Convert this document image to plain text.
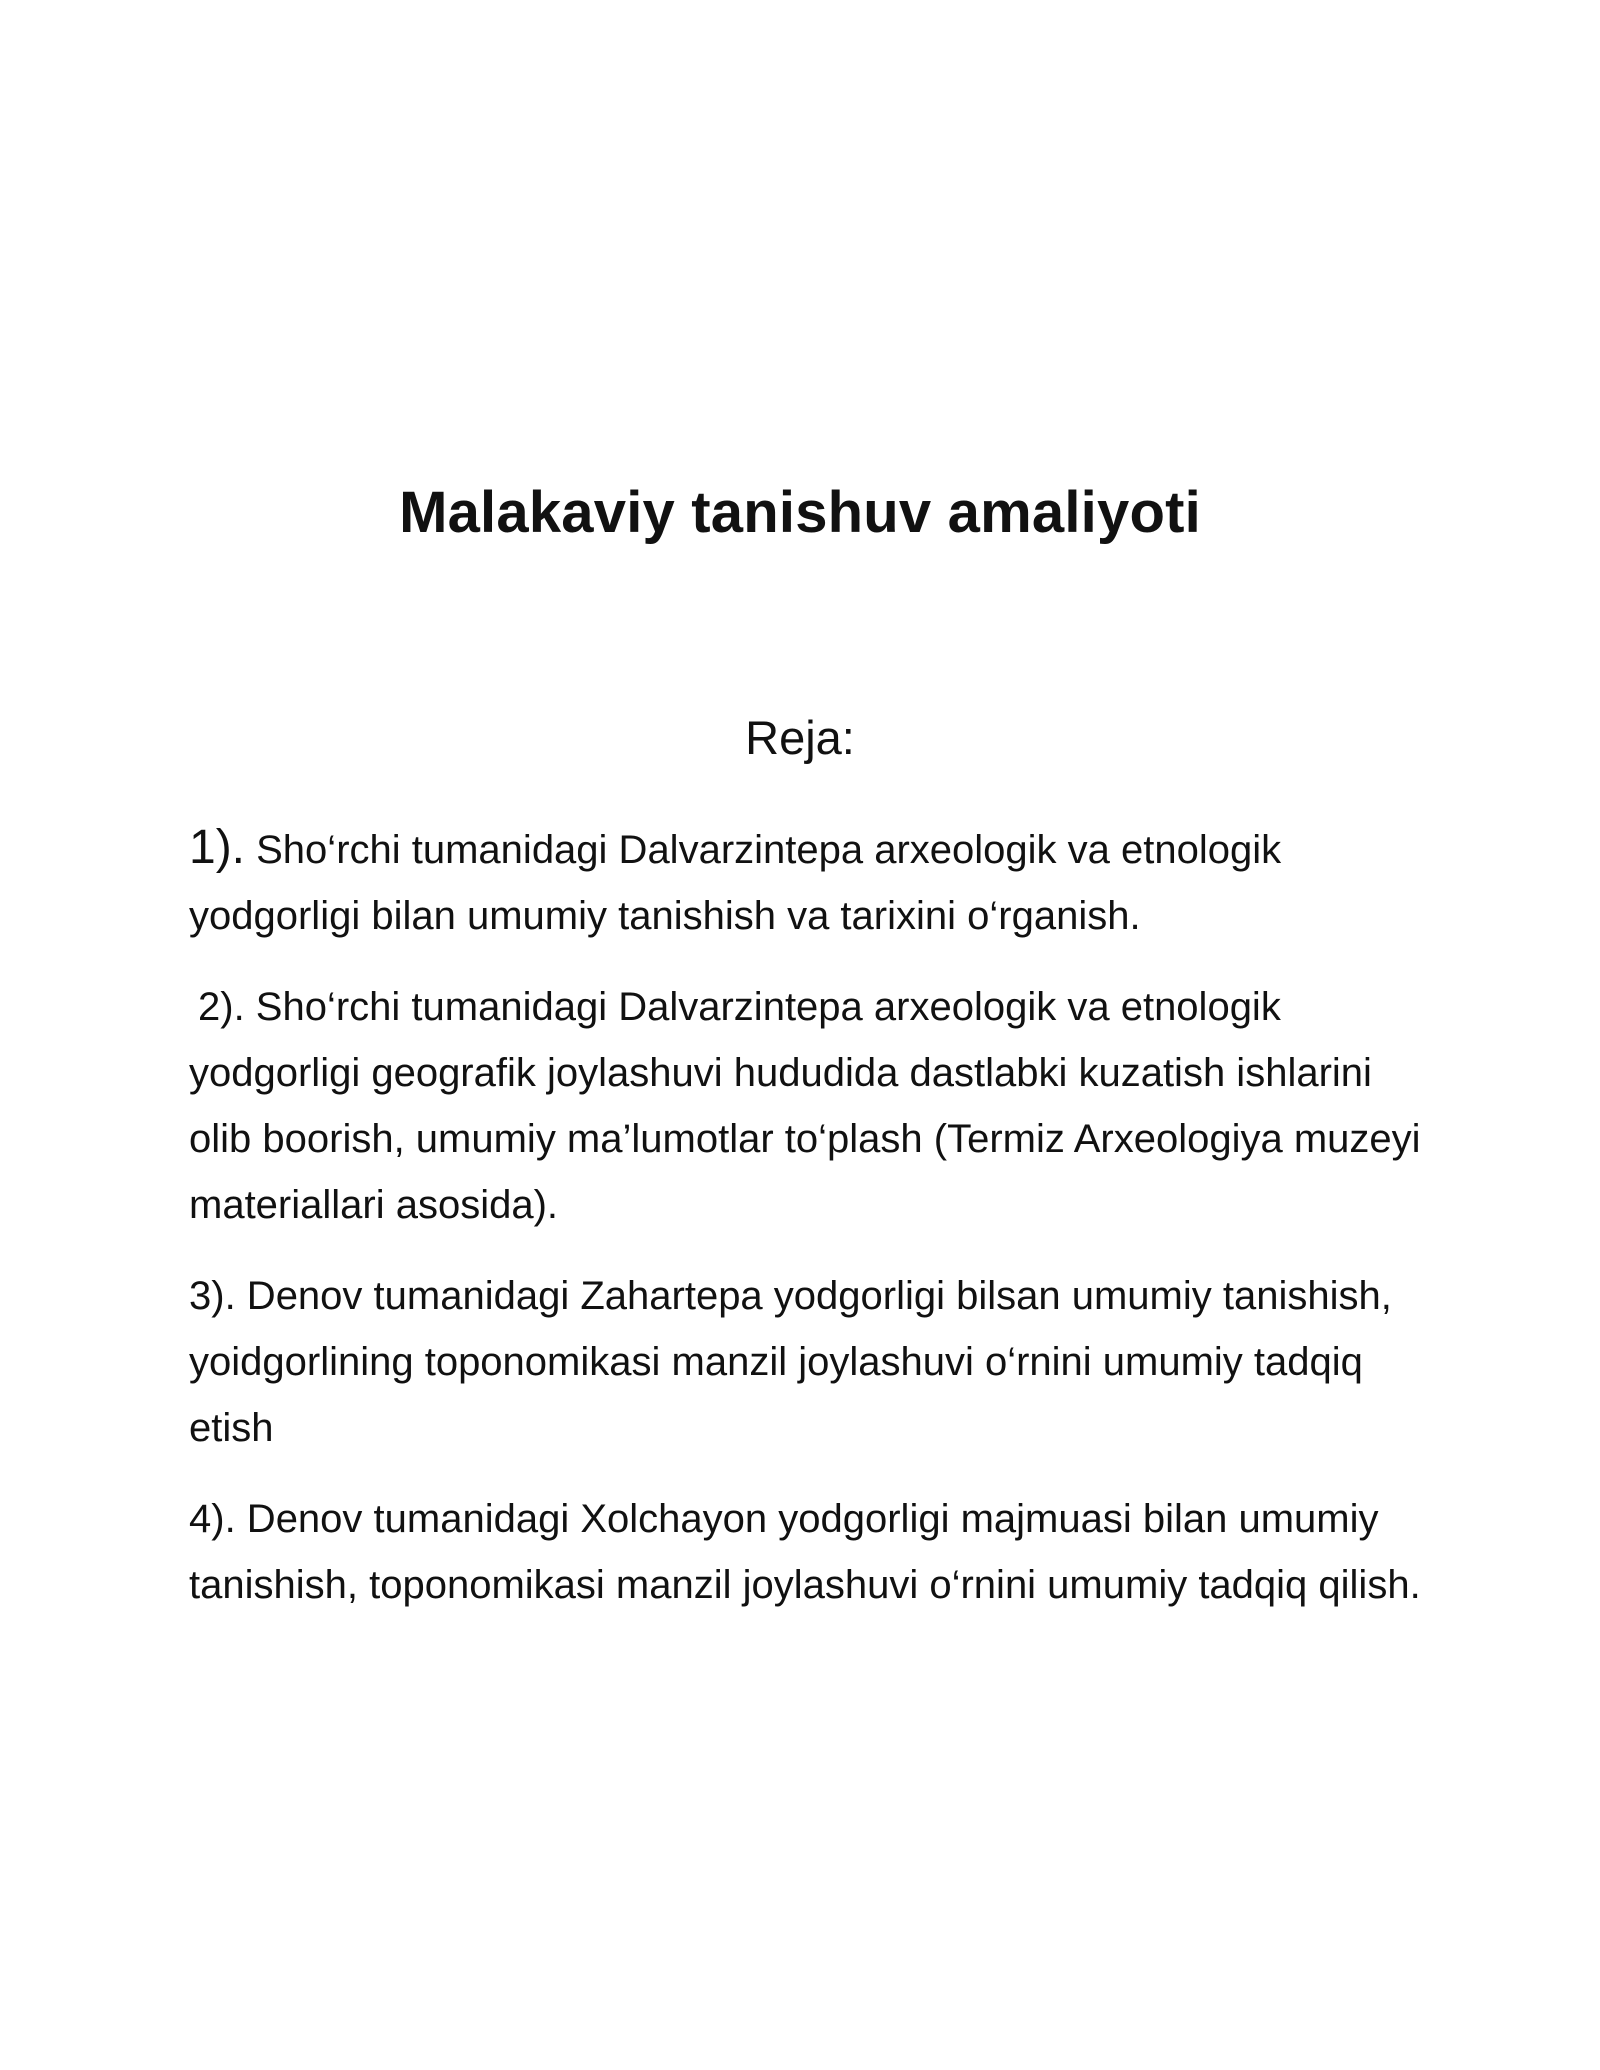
Malakaviy tanishuv amaliyoti
Reja:

1). Sho‘rchi tumanidagi Dalvarzintepa arxeologik va etnologik yodgorligi bilan umumiy tanishish va tarixini o‘rganish.

2). Sho‘rchi tumanidagi Dalvarzintepa arxeologik va etnologik yodgorligi geografik joylashuvi hududida dastlabki kuzatish ishlarini olib boorish, umumiy ma’lumotlar to‘plash (Termiz Arxeologiya muzeyi materiallari asosida).

3). Denov tumanidagi Zahartepa yodgorligi bilsan umumiy tanishish, yoidgorlining toponomikasi manzil joylashuvi o‘rnini umumiy tadqiq etish

4). Denov tumanidagi Xolchayon yodgorligi majmuasi bilan umumiy tanishish, toponomikasi manzil joylashuvi o‘rnini umumiy tadqiq qilish.
